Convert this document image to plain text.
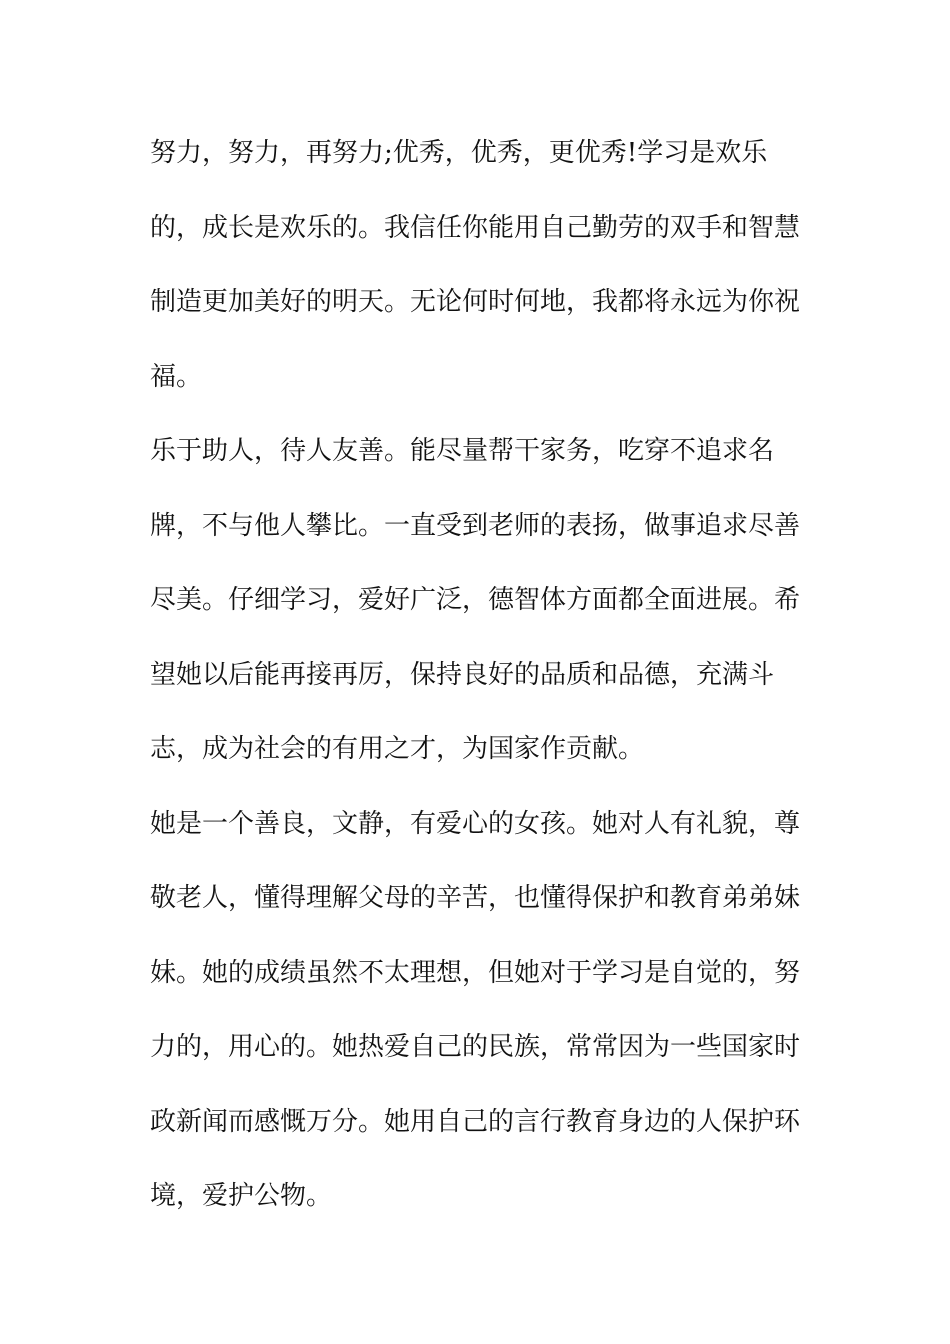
努力，努力，再努力;优秀，优秀，更优秀!学习是欢乐
的，成长是欢乐的。我信任你能用自己勤劳的双手和智慧
制造更加美好的明天。无论何时何地，我都将永远为你祝
福。
乐于助人，待人友善。能尽量帮干家务，吃穿不追求名
牌，不与他人攀比。一直受到老师的表扬，做事追求尽善
尽美。仔细学习，爱好广泛，德智体方面都全面进展。希
望她以后能再接再厉，保持良好的品质和品德，充满斗
志，成为社会的有用之才，为国家作贡献。
她是一个善良，文静，有爱心的女孩。她对人有礼貌，尊
敬老人，懂得理解父母的辛苦，也懂得保护和教育弟弟妹
妹。她的成绩虽然不太理想，但她对于学习是自觉的，努
力的，用心的。她热爱自己的民族，常常因为一些国家时
政新闻而感慨万分。她用自己的言行教育身边的人保护环
境，爱护公物。
